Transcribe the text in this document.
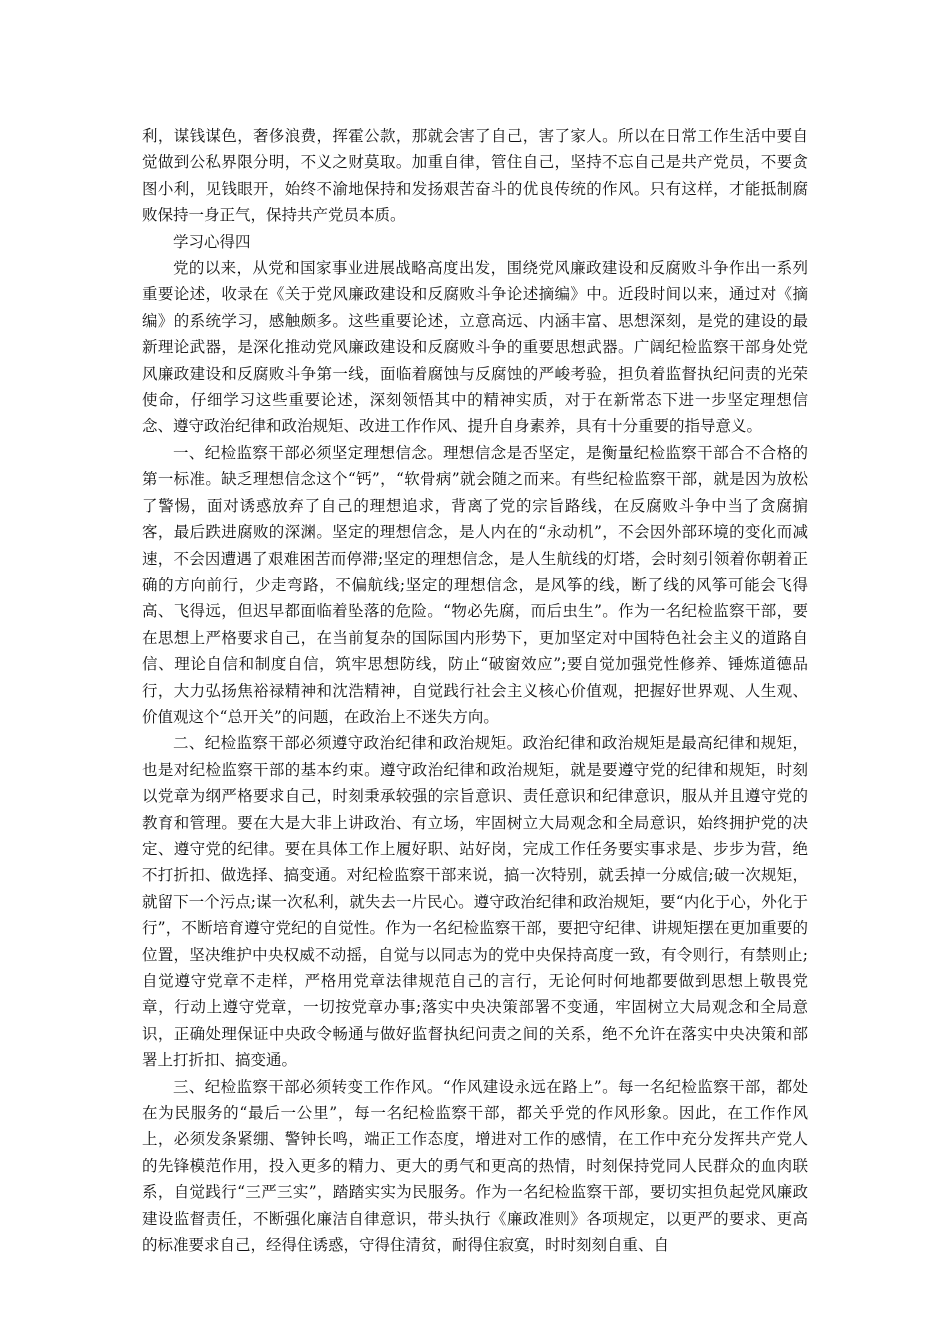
利，谋钱谋色，奢侈浪费，挥霍公款，那就会害了自己，害了家人。所以在日常工作生活中要自觉做到公私界限分明，不义之财莫取。加重自律，管住自己，坚持不忘自己是共产党员，不要贪图小利，见钱眼开，始终不渝地保持和发扬艰苦奋斗的优良传统的作风。只有这样，才能抵制腐败保持一身正气，保持共产党员本质。

学习心得四

党的以来，从党和国家事业进展战略高度出发，围绕党风廉政建设和反腐败斗争作出一系列重要论述，收录在《关于党风廉政建设和反腐败斗争论述摘编》中。近段时间以来，通过对《摘编》的系统学习，感触颇多。这些重要论述，立意高远、内涵丰富、思想深刻，是党的建设的最新理论武器，是深化推动党风廉政建设和反腐败斗争的重要思想武器。广阔纪检监察干部身处党风廉政建设和反腐败斗争第一线，面临着腐蚀与反腐蚀的严峻考验，担负着监督执纪问责的光荣使命，仔细学习这些重要论述，深刻领悟其中的精神实质，对于在新常态下进一步坚定理想信念、遵守政治纪律和政治规矩、改进工作作风、提升自身素养，具有十分重要的指导意义。

一、纪检监察干部必须坚定理想信念。理想信念是否坚定，是衡量纪检监察干部合不合格的第一标准。缺乏理想信念这个“钙”，“软骨病”就会随之而来。有些纪检监察干部，就是因为放松了警惕，面对诱惑放弃了自己的理想追求，背离了党的宗旨路线，在反腐败斗争中当了贪腐掮客，最后跌进腐败的深渊。坚定的理想信念，是人内在的“永动机”，不会因外部环境的变化而减速，不会因遭遇了艰难困苦而停滞;坚定的理想信念，是人生航线的灯塔，会时刻引领着你朝着正确的方向前行，少走弯路，不偏航线;坚定的理想信念，是风筝的线，断了线的风筝可能会飞得高、飞得远，但迟早都面临着坠落的危险。“物必先腐，而后虫生”。作为一名纪检监察干部，要在思想上严格要求自己，在当前复杂的国际国内形势下，更加坚定对中国特色社会主义的道路自信、理论自信和制度自信，筑牢思想防线，防止“破窗效应”;要自觉加强党性修养、锤炼道德品行，大力弘扬焦裕禄精神和沈浩精神，自觉践行社会主义核心价值观，把握好世界观、人生观、价值观这个“总开关”的问题，在政治上不迷失方向。

二、纪检监察干部必须遵守政治纪律和政治规矩。政治纪律和政治规矩是最高纪律和规矩，也是对纪检监察干部的基本约束。遵守政治纪律和政治规矩，就是要遵守党的纪律和规矩，时刻以党章为纲严格要求自己，时刻秉承较强的宗旨意识、责任意识和纪律意识，服从并且遵守党的教育和管理。要在大是大非上讲政治、有立场，牢固树立大局观念和全局意识，始终拥护党的决定、遵守党的纪律。要在具体工作上履好职、站好岗，完成工作任务要实事求是、步步为营，绝不打折扣、做选择、搞变通。对纪检监察干部来说，搞一次特别，就丢掉一分威信;破一次规矩，就留下一个污点;谋一次私利，就失去一片民心。遵守政治纪律和政治规矩，要“内化于心，外化于行”，不断培育遵守党纪的自觉性。作为一名纪检监察干部，要把守纪律、讲规矩摆在更加重要的位置，坚决维护中央权威不动摇，自觉与以同志为的党中央保持高度一致，有令则行，有禁则止;自觉遵守党章不走样，严格用党章法律规范自己的言行，无论何时何地都要做到思想上敬畏党章，行动上遵守党章，一切按党章办事;落实中央决策部署不变通，牢固树立大局观念和全局意识，正确处理保证中央政令畅通与做好监督执纪问责之间的关系，绝不允许在落实中央决策和部署上打折扣、搞变通。

三、纪检监察干部必须转变工作作风。“作风建设永远在路上”。每一名纪检监察干部，都处在为民服务的“最后一公里”，每一名纪检监察干部，都关乎党的作风形象。因此，在工作作风上，必须发条紧绷、警钟长鸣，端正工作态度，增进对工作的感情，在工作中充分发挥共产党人的先锋模范作用，投入更多的精力、更大的勇气和更高的热情，时刻保持党同人民群众的血肉联系，自觉践行“三严三实”，踏踏实实为民服务。作为一名纪检监察干部，要切实担负起党风廉政建设监督责任，不断强化廉洁自律意识，带头执行《廉政准则》各项规定，以更严的要求、更高的标准要求自己，经得住诱惑，守得住清贫，耐得住寂寞，时时刻刻自重、自
